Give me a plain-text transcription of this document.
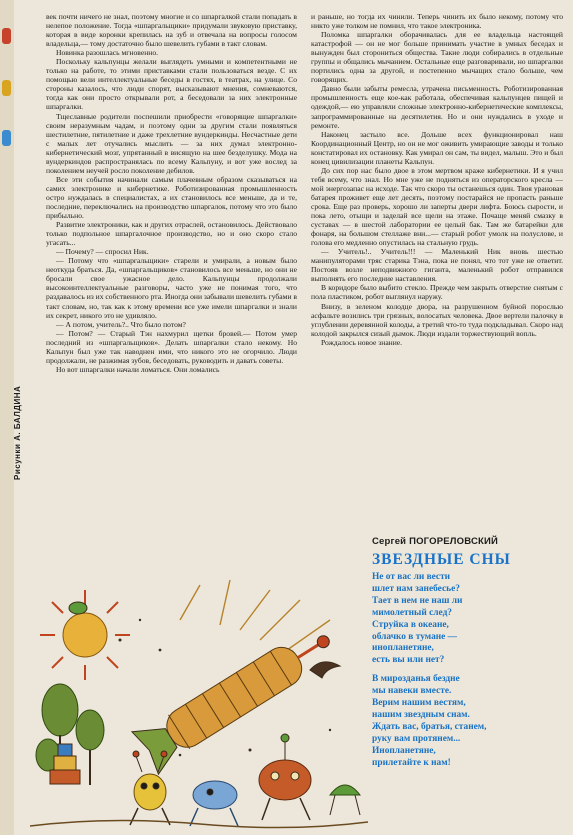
век почти ничего не знал, поэтому многие и со шпаргалкой стали попадать в нелепое положение. Тогда «шпаргальщики» придумали звуковую приставку, которая в виде коронки крепилась на зуб и отвечала на вопросы голосом владельца,— тому достаточно было шевелить губами в такт словам.

Новинка разошлась мгновенно.

Поскольку кальпунцы желали выглядеть умными и компетентными не только на работе, то этими приставками стали пользоваться везде. С их помощью вели интеллектуальные беседы в гостях, в театрах, на улице. Со стороны казалось, что люди спорят, высказывают мнения, сомневаются, тогда как они просто открывали рот, а беседовали за них электронные шпаргалки.

Тщеславные родители поспешили приобрести «говорящие шпаргалки» своим неразумным чадам, и поэтому одни за другим стали появляться шестилетние, пятилетние и даже трехлетние вундеркинды. Несчастные дети с малых лет отучались мыслить — за них думал электронно-кибернетический мозг, упрятанный в висящую на шее безделушку. Мода на вундеркиндов распространялась по всему Кальпуну, и вот уже вослед за поколением неучей росло поколение дебилов.

Все эти события начинали самым плачевным образом сказываться на самих электронике и кибернетике. Роботизированная промышленность остро нуждалась в специалистах, а их становилось все меньше, да и те, последние, переключались на производство шпаргалок, потому что это было прибыльно.

Развитие электроники, как и других отраслей, остановилось. Действовало только подпольное шпаргалочное производство, но и оно скоро стало угасать...

— Почему? — спросил Ник.

— Потому что «шпаргальщики» старели и умирали, а новым было неоткуда браться. Да, «шпаргальщиков» становилось все меньше, но они не бросали свое ужасное дело. Кальпунцы продолжали высокоинтеллектуальные разговоры, часто уже не понимая того, что раздавалось из их собственного рта. Иногда они забывали шевелить губами в такт словам, но, так как к этому времени все уже имели шпаргалки и знали их секрет, никого это не удивляло.

— А потом, учитель?.. Что было потом?

— Потом? — Старый Тэн нахмурил щетки бровей.— Потом умер последний из «шпаргальщиков». Делать шпаргалки стало некому. Но Кальпун был уже так наводнен ими, что никого это не огорчило. Люди продолжали, не разжимая зубов, беседовать, руководить и давать советы.

Но вот шпаргалки начали ломаться. Они ломались

и раньше, но тогда их чинили. Теперь чинить их было некому, потому что никто уже толком не помнил, что такое электроника.

Поломка шпаргалки оборачивалась для ее владельца настоящей катастрофой — он не мог больше принимать участие в умных беседах и вынужден был сторониться общества. Такие люди собирались в отдельные группы и общались мычанием. Остальные еще разговаривали, но шпаргалки портились одна за другой, и постепенно мычащих стало больше, чем говорящих.

Давно были забыты ремесла, утрачена письменность. Роботизированная промышленность еще кое-как работала, обеспечивая кальпунцев пищей и одеждой,— ею управляли сложные электронно-кибернетические комплексы, запрограммированные на десятилетия. Но и они нуждались в уходе и ремонте.

Наконец застыло все. Дольше всех функционировал наш Координационный Центр, но он не мог оживить умирающие заводы и только констатировал их остановку. Как умирал он сам, ты видел, малыш. Это и был конец цивилизации планеты Кальпун.

До сих пор нас было двое в этом мертвом краже кибернетики. И я учил тебя всему, что знал. Но мне уже не подняться из операторского кресла — мой энергозапас на исходе. Так что скоро ты останешься один. Твоя урановая батарея проживет еще лет десять, поэтому постарайся не пропасть раньше срока. Еще раз проверь, хорошо ли заперты двери лифта. Боюсь сырости, и пока лето, отыщи и заделай все щели на этаже. Почаще меняй смазку в суставах — в шестой лаборатории ее целый бак. Там же батарейки для фонаря, на большом стеллаже вни...— старый робот умолк на полуслове, и голова его медленно опустилась на стальную грудь.

— Учитель!.. Учитель!!! — Маленький Ник вновь шестью манипуляторами тряс старика Тэна, пока не понял, что тот уже не ответит. Постояв возле неподвижного гиганта, маленький робот отправился выполнять его последние наставления.

В коридоре было выбито стекло. Прежде чем закрыть отверстие снятым с пола пластиком, робот выглянул наружу.

Внизу, в зеленом колодце двора, на разрушенном буйной порослью асфальте возились три грязных, волосатых человека. Двое вертели палочку в углублении деревянной колоды, а третий что-то туда подкладывал. Скоро над колодой закрылся сизый дымок. Люди издали торжествующий вопль.

Рождалось новое знание.

Рисунки А. БАЛДИНА
Сергей ПОГОРЕЛОВСКИЙ
ЗВЕЗДНЫЕ СНЫ
Не от вас ли вести
шлет нам занебесье?
Тает в нем не наш ли
мимолетный след?
Струйка в океане,
облачко в тумане —
инопланетяне,
есть вы или нет?
В мирозданья бездне
мы навеки вместе.
Верим нашим вестям,
нашим звездным снам.
Ждать вас, братья, станем,
руку вам протянем...
Инопланетяне,
прилетайте к нам!
